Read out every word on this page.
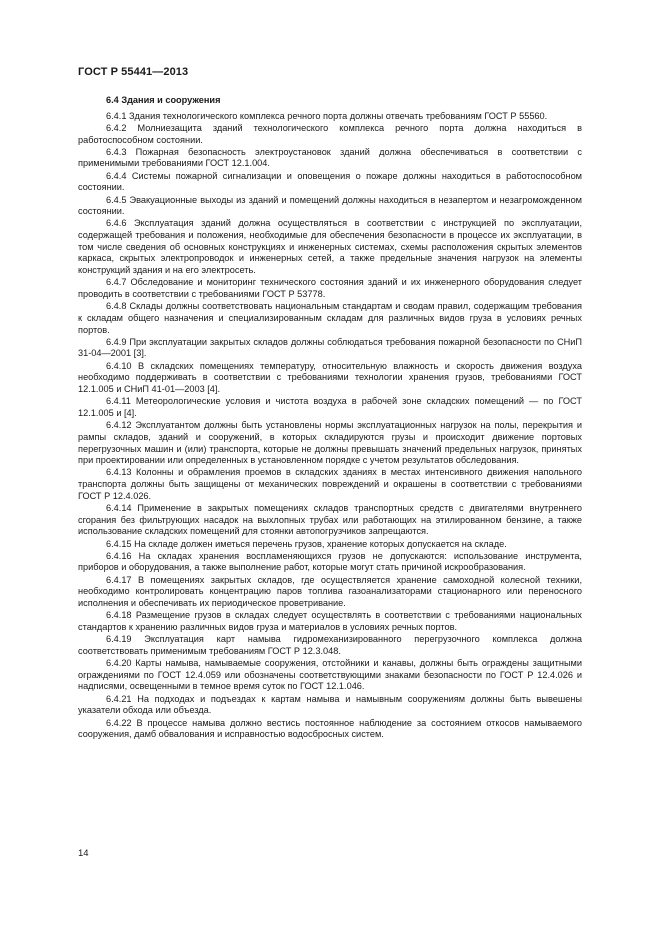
ГОСТ Р 55441—2013
6.4 Здания и сооружения

6.4.1 Здания технологического комплекса речного порта должны отвечать требованиям ГОСТ Р 55560.

6.4.2 Молниезащита зданий технологического комплекса речного порта должна находиться в работоспособном состоянии.

6.4.3 Пожарная безопасность электроустановок зданий должна обеспечиваться в соответствии с применимыми требованиями ГОСТ 12.1.004.

6.4.4 Системы пожарной сигнализации и оповещения о пожаре должны находиться в работоспособном состоянии.

6.4.5 Эвакуационные выходы из зданий и помещений должны находиться в незапертом и незагроможденном состоянии.

6.4.6 Эксплуатация зданий должна осуществляться в соответствии с инструкцией по эксплуатации, содержащей требования и положения, необходимые для обеспечения безопасности в процессе их эксплуатации, в том числе сведения об основных конструкциях и инженерных системах, схемы расположения скрытых элементов каркаса, скрытых электропроводок и инженерных сетей, а также предельные значения нагрузок на элементы конструкций здания и на его электросеть.

6.4.7 Обследование и мониторинг технического состояния зданий и их инженерного оборудования следует проводить в соответствии с требованиями ГОСТ Р 53778.

6.4.8 Склады должны соответствовать национальным стандартам и сводам правил, содержащим требования к складам общего назначения и специализированным складам для различных видов груза в условиях речных портов.

6.4.9 При эксплуатации закрытых складов должны соблюдаться требования пожарной безопасности по СНиП 31-04—2001 [3].

6.4.10 В складских помещениях температуру, относительную влажность и скорость движения воздуха необходимо поддерживать в соответствии с требованиями технологии хранения грузов, требованиями ГОСТ 12.1.005 и СНиП 41-01—2003 [4].

6.4.11 Метеорологические условия и чистота воздуха в рабочей зоне складских помещений — по ГОСТ 12.1.005 и [4].

6.4.12 Эксплуатантом должны быть установлены нормы эксплуатационных нагрузок на полы, перекрытия и рампы складов, зданий и сооружений, в которых складируются грузы и происходит движение портовых перегрузочных машин и (или) транспорта, которые не должны превышать значений предельных нагрузок, принятых при проектировании или определенных в установленном порядке с учетом результатов обследования.

6.4.13 Колонны и обрамления проемов в складских зданиях в местах интенсивного движения напольного транспорта должны быть защищены от механических повреждений и окрашены в соответствии с требованиями ГОСТ Р 12.4.026.

6.4.14 Применение в закрытых помещениях складов транспортных средств с двигателями внутреннего сгорания без фильтрующих насадок на выхлопных трубах или работающих на этилированном бензине, а также использование складских помещений для стоянки автопогрузчиков запрещаются.

6.4.15 На складе должен иметься перечень грузов, хранение которых допускается на складе.

6.4.16 На складах хранения воспламеняющихся грузов не допускаются: использование инструмента, приборов и оборудования, а также выполнение работ, которые могут стать причиной искрообразования.

6.4.17 В помещениях закрытых складов, где осуществляется хранение самоходной колесной техники, необходимо контролировать концентрацию паров топлива газоанализаторами стационарного или переносного исполнения и обеспечивать их периодическое проветривание.

6.4.18 Размещение грузов в складах следует осуществлять в соответствии с требованиями национальных стандартов к хранению различных видов груза и материалов в условиях речных портов.

6.4.19 Эксплуатация карт намыва гидромеханизированного перегрузочного комплекса должна соответствовать применимым требованиям ГОСТ Р 12.3.048.

6.4.20 Карты намыва, намываемые сооружения, отстойники и канавы, должны быть ограждены защитными ограждениями по ГОСТ 12.4.059 или обозначены соответствующими знаками безопасности по ГОСТ Р 12.4.026 и надписями, освещенными в темное время суток по ГОСТ 12.1.046.

6.4.21 На подходах и подъездах к картам намыва и намывным сооружениям должны быть вывешены указатели обхода или объезда.

6.4.22 В процессе намыва должно вестись постоянное наблюдение за состоянием откосов намываемого сооружения, дамб обвалования и исправностью водосбросных систем.

14
